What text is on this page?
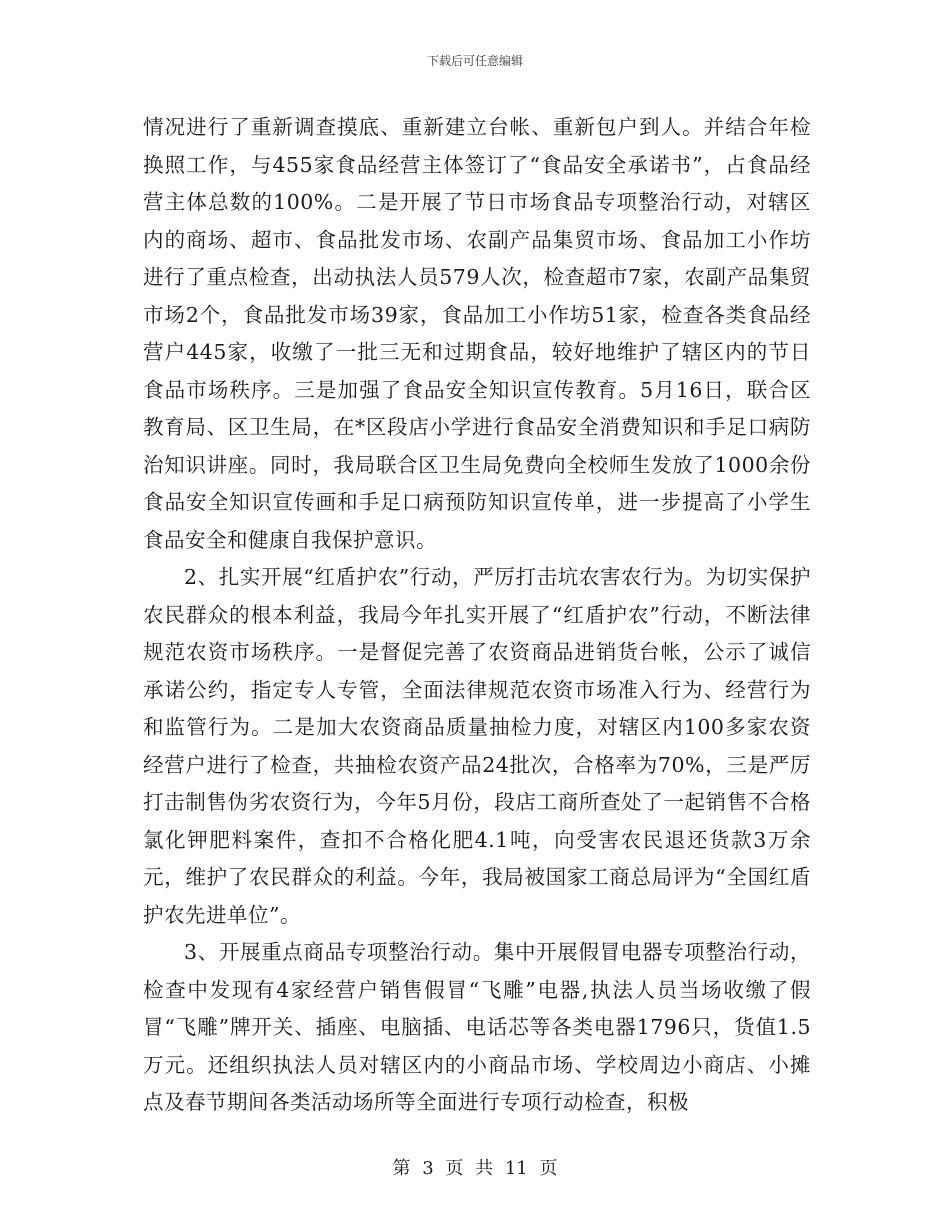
下载后可任意编辑

情况进行了重新调查摸底、重新建立台帐、重新包户到人。并结合年检换照工作，与455家食品经营主体签订了“食品安全承诺书”，占食品经营主体总数的100%。二是开展了节日市场食品专项整治行动，对辖区内的商场、超市、食品批发市场、农副产品集贸市场、食品加工小作坊进行了重点检查，出动执法人员579人次，检查超市7家，农副产品集贸市场2个，食品批发市场39家，食品加工小作坊51家，检查各类食品经营户445家，收缴了一批三无和过期食品，较好地维护了辖区内的节日食品市场秩序。三是加强了食品安全知识宣传教育。5月16日，联合区教育局、区卫生局，在*区段店小学进行食品安全消费知识和手足口病防治知识讲座。同时，我局联合区卫生局免费向全校师生发放了1000余份食品安全知识宣传画和手足口病预防知识宣传单，进一步提高了小学生食品安全和健康自我保护意识。

2、扎实开展“红盾护农”行动，严厉打击坑农害农行为。为切实保护农民群众的根本利益，我局今年扎实开展了“红盾护农”行动，不断法律规范农资市场秩序。一是督促完善了农资商品进销货台帐，公示了诚信承诺公约，指定专人专管，全面法律规范农资市场准入行为、经营行为和监管行为。二是加大农资商品质量抽检力度，对辖区内100多家农资经营户进行了检查，共抽检农资产品24批次，合格率为70%，三是严厉打击制售伪劣农资行为，今年5月份，段店工商所查处了一起销售不合格氯化钾肥料案件，查扣不合格化肥4.1吨，向受害农民退还货款3万余元，维护了农民群众的利益。今年，我局被国家工商总局评为“全国红盾护农先进单位”。

3、开展重点商品专项整治行动。集中开展假冒电器专项整治行动，检查中发现有4家经营户销售假冒“飞雕”电器,执法人员当场收缴了假冒“飞雕”牌开关、插座、电脑插、电话芯等各类电器1796只，货值1.5万元。还组织执法人员对辖区内的小商品市场、学校周边小商店、小摊点及春节期间各类活动场所等全面进行专项行动检查，积极

第 3 页 共 11 页
